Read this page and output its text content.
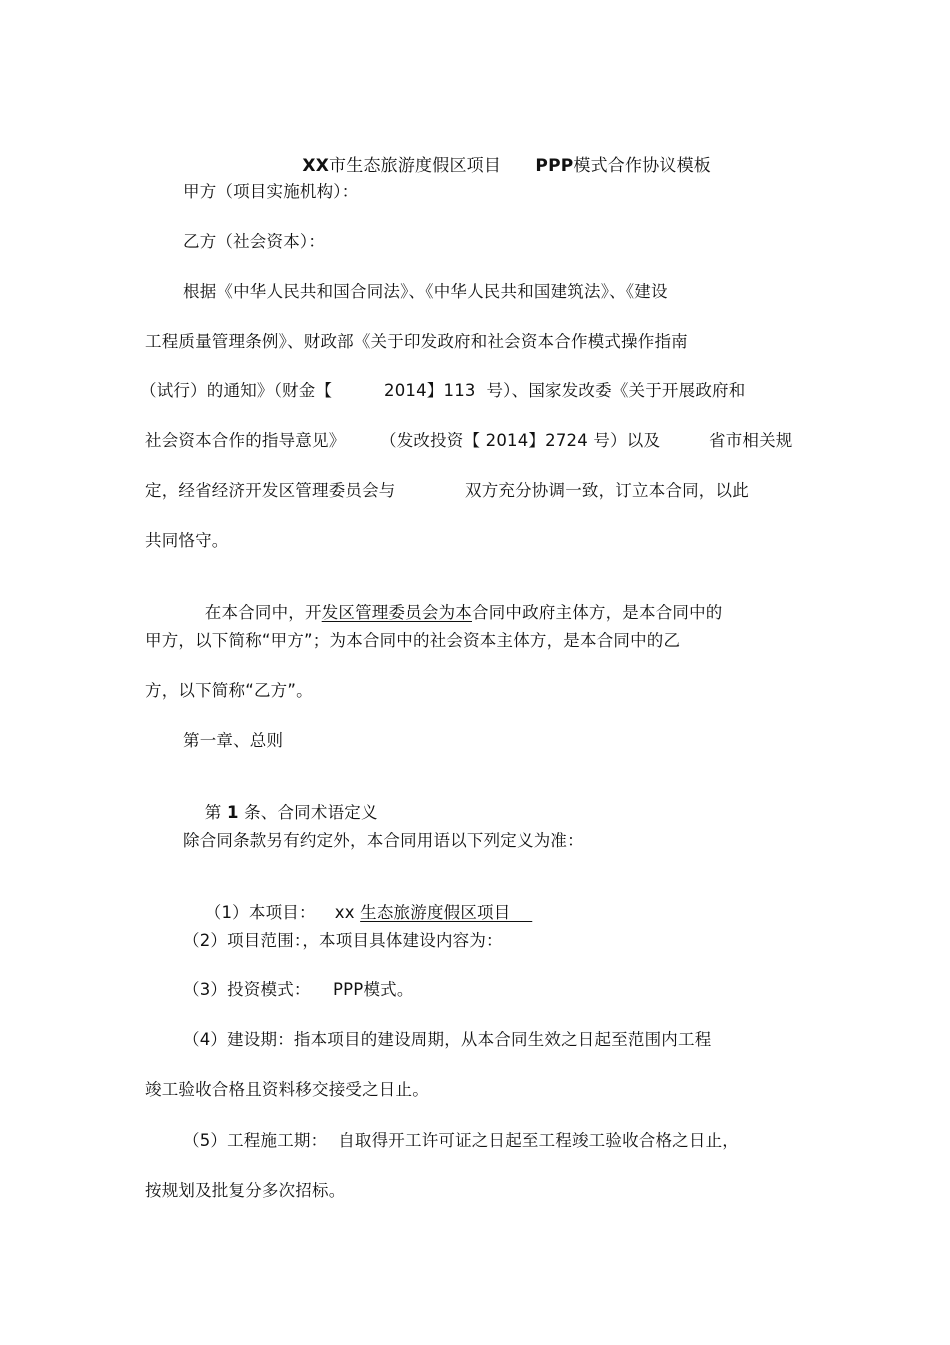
XX市生态旅游度假区项目
	PPP模式合作协议模板

甲方（项目实施机构）：
乙方（社会资本）：
根据《中华人民共和国合同法》、《中华人民共和国建筑法》、《建设
工程质量管理条例》、财政部《关于印发政府和社会资本合作模式操作指南
（试行）的通知》（财金【	2014】113  号）、国家发改委《关于开展政府和
社会资本合作的指导意见》 （发改投资【 2014】2724 号）以及	省市相关规
定，经省经济开发区管理委员会与	双方充分协调一致，订立本合同，以此
共同恪守。

在本合同中，开发区管理委员会为本合同中政府主体方，是本合同中的

甲方，以下简称“甲方”；为本合同中的社会资本主体方，是本合同中的乙
方，以下简称“乙方”。
第一章、总则

第 1 条、合同术语定义

除合同条款另有约定外，本合同用语以下列定义为准：

（1）本项目：
	xx 生态旅游度假区项目

（2）项目范围：，本项目具体建设内容为：
（3）投资模式： PPP模式。
（4）建设期：指本项目的建设周期，从本合同生效之日起至范围内工程
竣工验收合格且资料移交接受之日止。
（5）工程施工期：  自取得开工许可证之日起至工程竣工验收合格之日止，
按规划及批复分多次招标。
